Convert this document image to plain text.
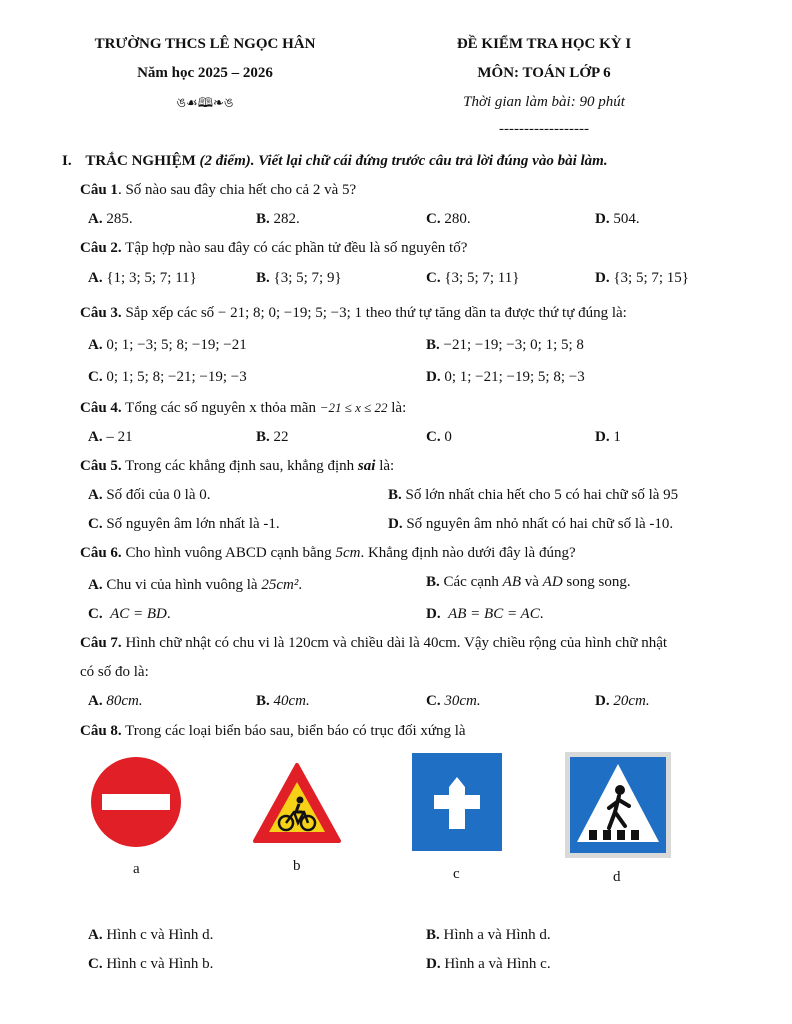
TRƯỜNG THCS LÊ NGỌC HÂN
Năm học 2025 – 2026
ঙ☙🕮❧ঙ
ĐỀ KIỂM TRA HỌC KỲ I
MÔN: TOÁN LỚP 6
Thời gian làm bài: 90 phút
------------------
I. TRẮC NGHIỆM (2 điểm). Viết lại chữ cái đứng trước câu trả lời đúng vào bài làm.
Câu 1. Số nào sau đây chia hết cho cả 2 và 5?
A. 285.	B. 282.	C. 280.	D. 504.
Câu 2. Tập hợp nào sau đây có các phần tử đều là số nguyên tố?
A. {1; 3; 5; 7; 11}	B. {3; 5; 7; 9}	C. {3; 5; 7; 11}	D. {3; 5; 7; 15}
Câu 3. Sắp xếp các số − 21; 8; 0; −19; 5; −3; 1 theo thứ tự tăng dần ta được thứ tự đúng là:
A. 0; 1; −3; 5; 8; −19; −21	B. −21; −19; −3; 0; 1; 5; 8
C. 0; 1; 5; 8; −21; −19; −3	D. 0; 1; −21; −19; 5; 8; −3
Câu 4. Tổng các số nguyên x thỏa mãn −21 ≤ x ≤ 22 là:
A. – 21	B. 22	C. 0	D. 1
Câu 5. Trong các khẳng định sau, khẳng định sai là:
A. Số đối của 0 là 0.	B. Số lớn nhất chia hết cho 5 có hai chữ số là 95
C. Số nguyên âm lớn nhất là -1.	D. Số nguyên âm nhỏ nhất có hai chữ số là -10.
Câu 6. Cho hình vuông ABCD cạnh bằng 5cm. Khẳng định nào dưới đây là đúng?
A. Chu vi của hình vuông là 25cm².	B. Các cạnh AB và AD song song.
C. AC = BD.	D. AB = BC = AC.
Câu 7. Hình chữ nhật có chu vi là 120cm và chiều dài là 40cm. Vậy chiều rộng của hình chữ nhật
có số đo là:
A. 80cm.	B. 40cm.	C. 30cm.	D. 20cm.
Câu 8. Trong các loại biển báo sau, biển báo có trục đối xứng là
a	b	c	d
A. Hình c và Hình d.	B. Hình a và Hình d.
C. Hình c và Hình b.	D. Hình a và Hình c.
